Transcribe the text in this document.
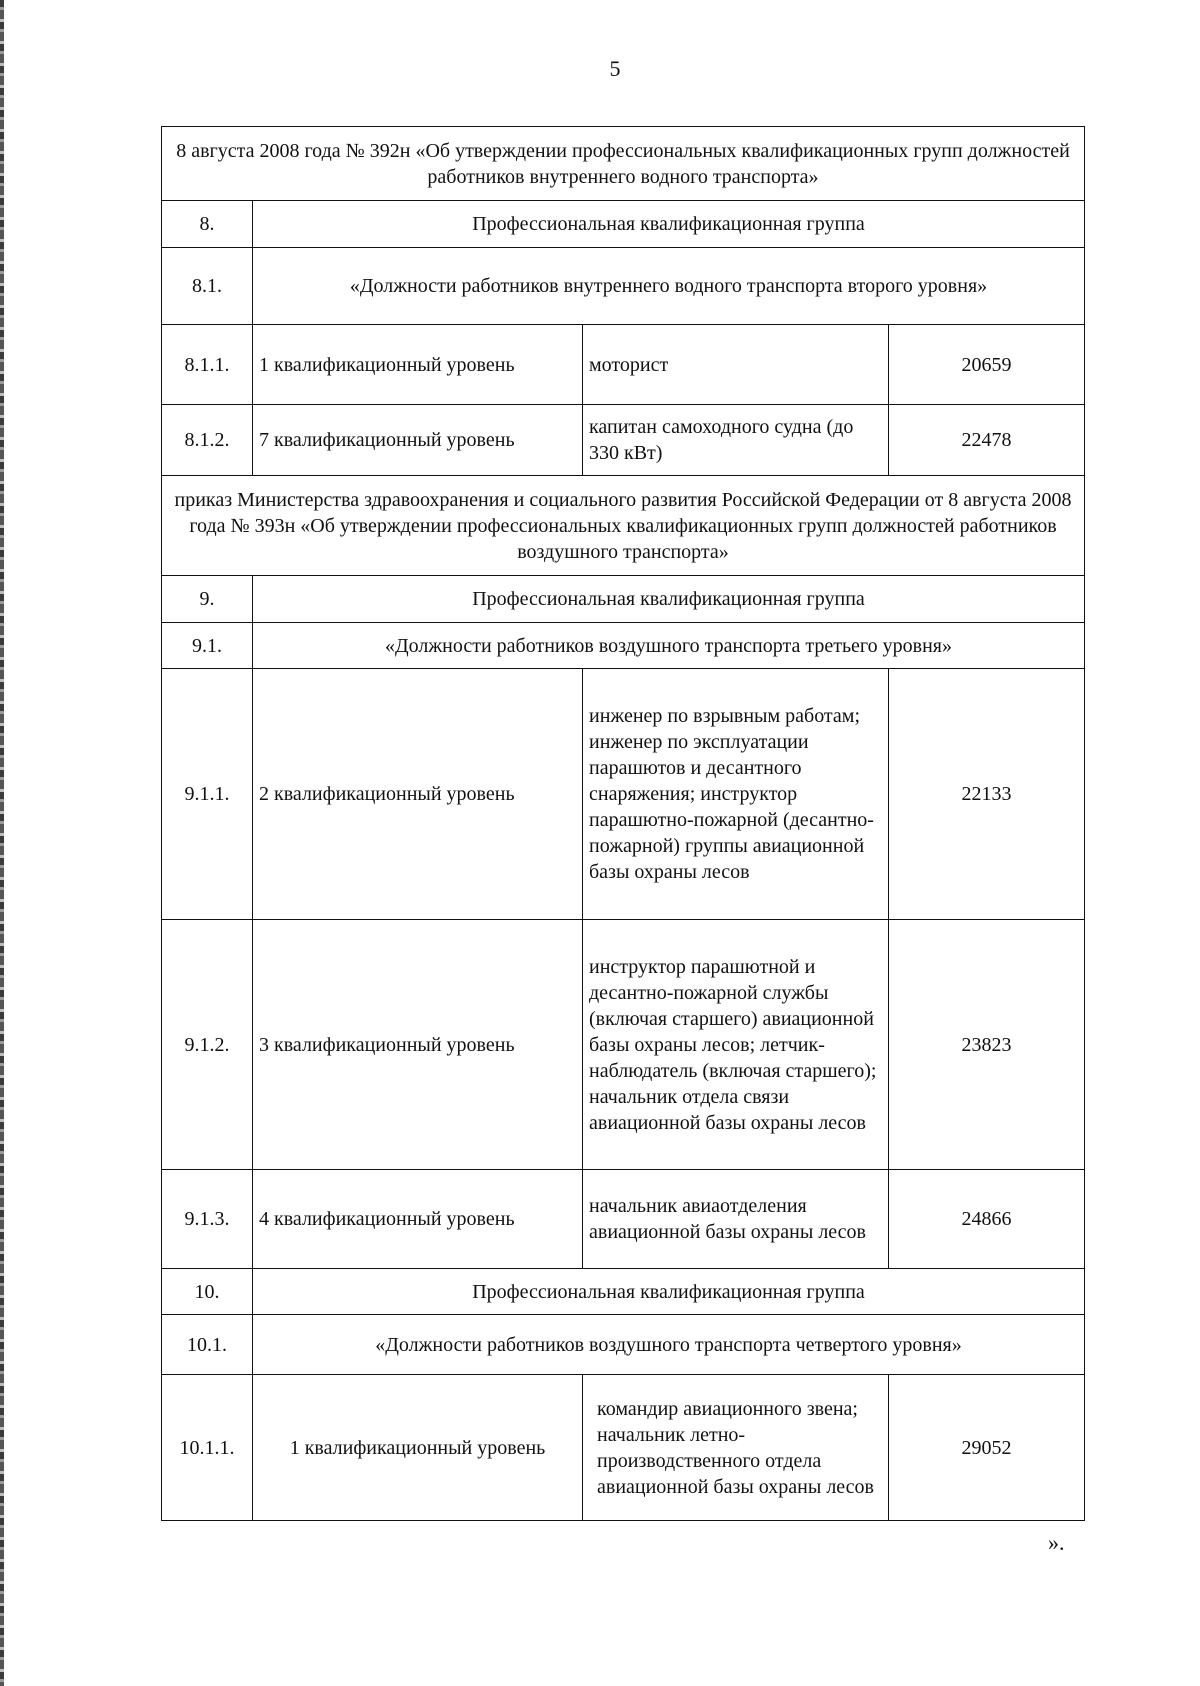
5
8 августа 2008 года № 392н «Об утверждении профессиональных квалификационных групп должностей работников внутреннего водного транспорта»			
8.	Профессиональная квалификационная группа		
8.1.	«Должности работников внутреннего водного транспорта второго уровня»		
8.1.1.	1 квалификационный уровень	моторист	20659
8.1.2.	7 квалификационный уровень	капитан самоходного судна (до 330 кВт)	22478
приказ Министерства здравоохранения и социального развития Российской Федерации от 8 августа 2008 года № 393н «Об утверждении профессиональных квалификационных групп должностей работников воздушного транспорта»			
9.	Профессиональная квалификационная группа		
9.1.	«Должности работников воздушного транспорта третьего уровня»		
9.1.1.	2 квалификационный уровень	инженер по взрывным работам; инженер по эксплуатации парашютов и десантного снаряжения; инструктор парашютно-пожарной (десантно-пожарной) группы авиационной базы охраны лесов	22133
9.1.2.	3 квалификационный уровень	инструктор парашютной и десантно-пожарной службы (включая старшего) авиационной базы охраны лесов; летчик-наблюдатель (включая старшего); начальник отдела связи авиационной базы охраны лесов	23823
9.1.3.	4 квалификационный уровень	начальник авиаотделения авиационной базы охраны лесов	24866
10.	Профессиональная квалификационная группа		
10.1.	«Должности работников воздушного транспорта четвертого уровня»		
10.1.1.	1 квалификационный уровень	командир авиационного звена; начальник летно-производственного отдела авиационной базы охраны лесов	29052
».
